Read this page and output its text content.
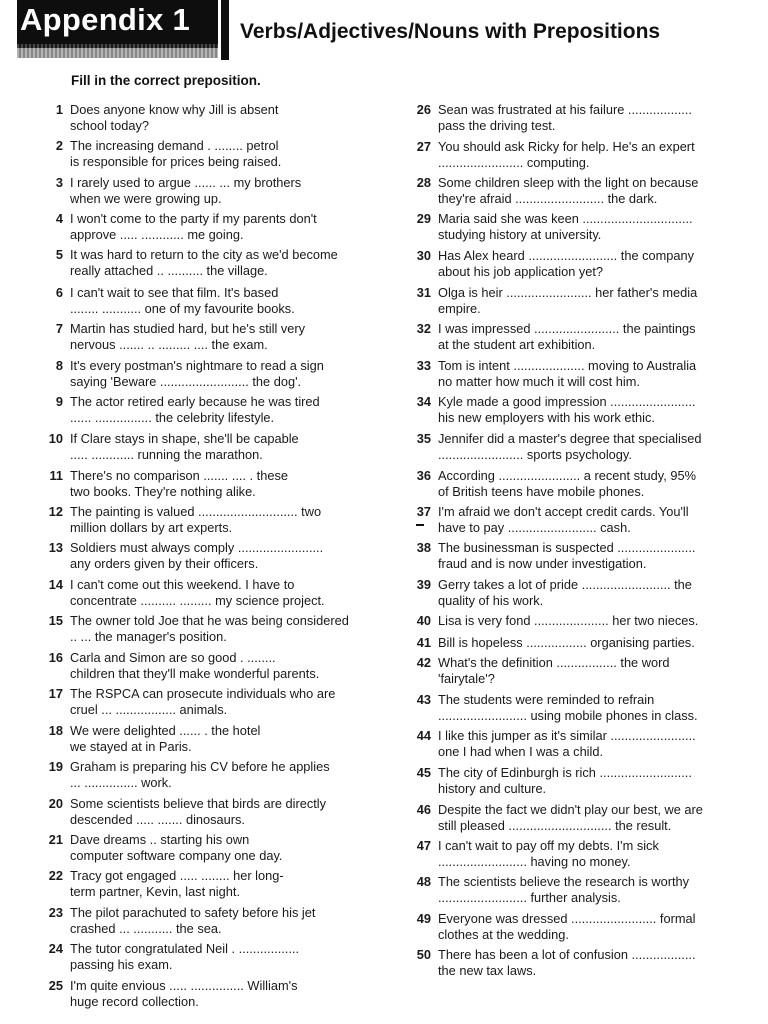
Appendix 1 Verbs/Adjectives/Nouns with Prepositions
Fill in the correct preposition.
1 Does anyone know why Jill is absent
school today?
2 The increasing demand . ........ petrol
is responsible for prices being raised.
3 I rarely used to argue ...... ... my brothers
when we were growing up.
4 I won't come to the party if my parents don't
approve ..... ............ me going.
5 It was hard to return to the city as we'd become
really attached .. .......... the village.
6 I can't wait to see that film. It's based
........ ........... one of my favourite books.
7 Martin has studied hard, but he's still very
nervous ....... .. ......... .... the exam.
8 It's every postman's nightmare to read a sign
saying 'Beware ......................... the dog'.
9 The actor retired early because he was tired
...... ................ the celebrity lifestyle.
10 If Clare stays in shape, she'll be capable
..... ............ running the marathon.
11 There's no comparison ....... .... . these
two books. They're nothing alike.
12 The painting is valued ............................ two
million dollars by art experts.
13 Soldiers must always comply ........................
any orders given by their officers.
14 I can't come out this weekend. I have to
concentrate .......... ......... my science project.
15 The owner told Joe that he was being considered
.. ... the manager's position.
16 Carla and Simon are so good . ........
children that they'll make wonderful parents.
17 The RSPCA can prosecute individuals who are
cruel ... ................. animals.
18 We were delighted ...... . the hotel
we stayed at in Paris.
19 Graham is preparing his CV before he applies
... ............... work.
20 Some scientists believe that birds are directly
descended ..... ....... dinosaurs.
21 Dave dreams .. starting his own
computer software company one day.
22 Tracy got engaged ..... ........ her long-
term partner, Kevin, last night.
23 The pilot parachuted to safety before his jet
crashed ... ........... the sea.
24 The tutor congratulated Neil . .................
passing his exam.
25 I'm quite envious ..... ............... William's
huge record collection.
26 Sean was frustrated at his failure ..................
pass the driving test.
27 You should ask Ricky for help. He's an expert
........................ computing.
28 Some children sleep with the light on because
they're afraid ......................... the dark.
29 Maria said she was keen ...............................
studying history at university.
30 Has Alex heard ......................... the company
about his job application yet?
31 Olga is heir ........................ her father's media
empire.
32 I was impressed ........................ the paintings
at the student art exhibition.
33 Tom is intent .................... moving to Australia
no matter how much it will cost him.
34 Kyle made a good impression ........................
his new employers with his work ethic.
35 Jennifer did a master's degree that specialised
........................ sports psychology.
36 According ....................... a recent study, 95%
of British teens have mobile phones.
37 I'm afraid we don't accept credit cards. You'll
have to pay ......................... cash.
38 The businessman is suspected ......................
fraud and is now under investigation.
39 Gerry takes a lot of pride ......................... the
quality of his work.
40 Lisa is very fond ..................... her two nieces.
41 Bill is hopeless ................. organising parties.
42 What's the definition ................. the word
'fairytale'?
43 The students were reminded to refrain
......................... using mobile phones in class.
44 I like this jumper as it's similar ........................
one I had when I was a child.
45 The city of Edinburgh is rich ..........................
history and culture.
46 Despite the fact we didn't play our best, we are
still pleased ............................. the result.
47 I can't wait to pay off my debts. I'm sick
......................... having no money.
48 The scientists believe the research is worthy
......................... further analysis.
49 Everyone was dressed ........................ formal
clothes at the wedding.
50 There has been a lot of confusion ..................
the new tax laws.
